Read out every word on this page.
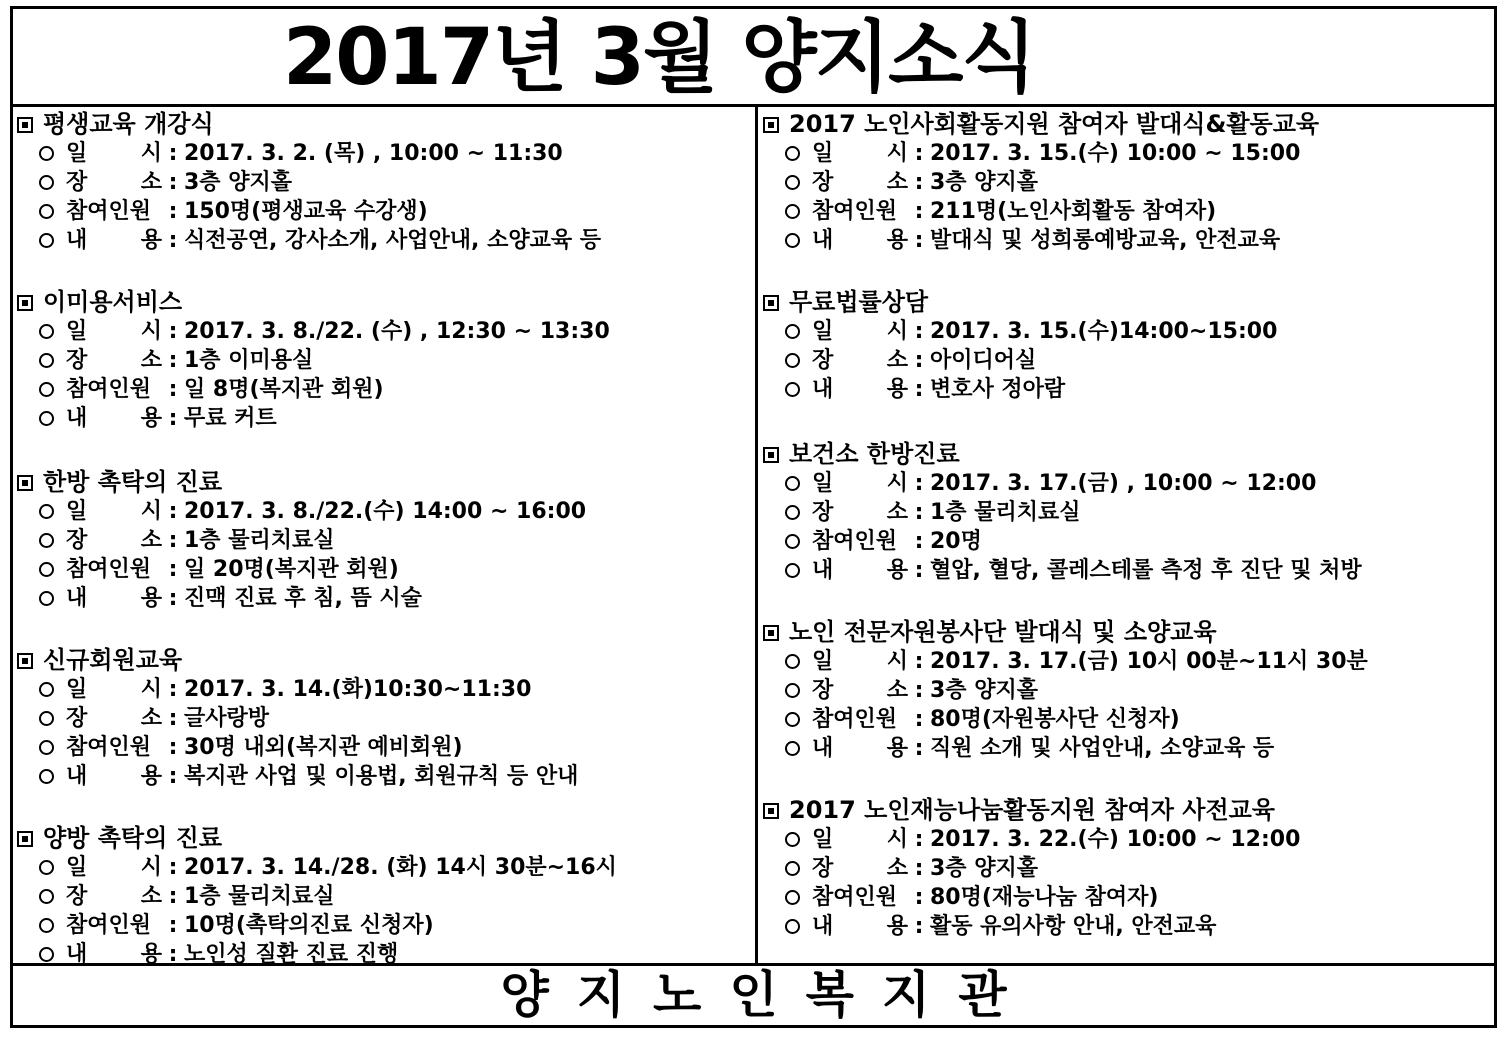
2017년 3월 양지소식
평생교육 개강식
일 시 : 2017. 3. 2. (목) , 10:00 ~ 11:30
장 소 : 3층 양지홀
참여인원 : 150명(평생교육 수강생)
내 용 : 식전공연, 강사소개, 사업안내, 소양교육 등
이미용서비스
일 시 : 2017. 3. 8./22. (수) , 12:30 ~ 13:30
장 소 : 1층 이미용실
참여인원 : 일 8명(복지관 회원)
내 용 : 무료 커트
한방 촉탁의 진료
일 시 : 2017. 3. 8./22.(수) 14:00 ~ 16:00
장 소 : 1층 물리치료실
참여인원 : 일 20명(복지관 회원)
내 용 : 진맥 진료 후 침, 뜸 시술
신규회원교육
일 시 : 2017. 3. 14.(화)10:30~11:30
장 소 : 글사랑방
참여인원 : 30명 내외(복지관 예비회원)
내 용 : 복지관 사업 및 이용법, 회원규칙 등 안내
양방 촉탁의 진료
일 시 : 2017. 3. 14./28. (화) 14시 30분~16시
장 소 : 1층 물리치료실
참여인원 : 10명(촉탁의진료 신청자)
내 용 : 노인성 질환 진료 진행
2017 노인사회활동지원 참여자 발대식&활동교육
일 시 : 2017. 3. 15.(수) 10:00 ~ 15:00
장 소 : 3층 양지홀
참여인원 : 211명(노인사회활동 참여자)
내 용 : 발대식 및 성희롱예방교육, 안전교육
무료법률상담
일 시 : 2017. 3. 15.(수)14:00~15:00
장 소 : 아이디어실
내 용 : 변호사 정아람
보건소 한방진료
일 시 : 2017. 3. 17.(금) , 10:00 ~ 12:00
장 소 : 1층 물리치료실
참여인원 : 20명
내 용 : 혈압, 혈당, 콜레스테롤 측정 후 진단 및 처방
노인 전문자원봉사단 발대식 및 소양교육
일 시 : 2017. 3. 17.(금) 10시 00분~11시 30분
장 소 : 3층 양지홀
참여인원 : 80명(자원봉사단 신청자)
내 용 : 직원 소개 및 사업안내, 소양교육 등
2017 노인재능나눔활동지원 참여자 사전교육
일 시 : 2017. 3. 22.(수) 10:00 ~ 12:00
장 소 : 3층 양지홀
참여인원 : 80명(재능나눔 참여자)
내 용 : 활동 유의사항 안내, 안전교육
양지노인복지관
